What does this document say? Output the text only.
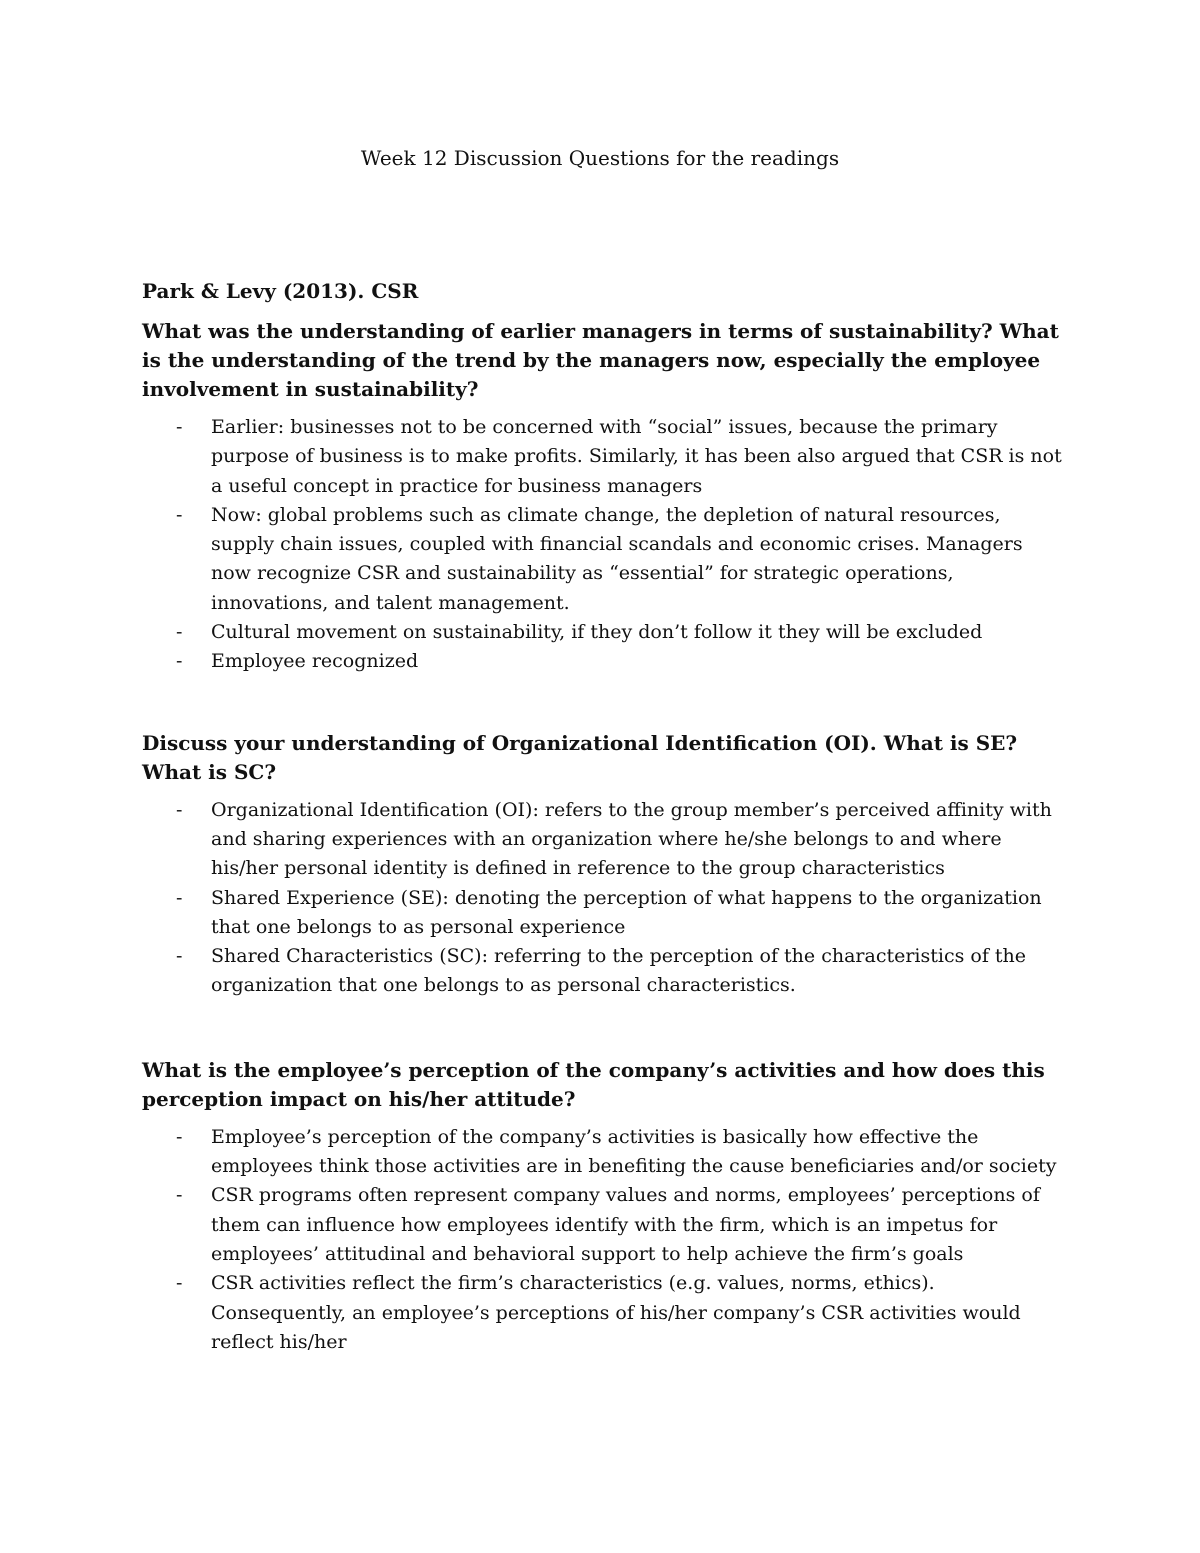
Week 12 Discussion Questions for the readings

Park & Levy (2013). CSR

What was the understanding of earlier managers in terms of sustainability? What is the understanding of the trend by the managers now, especially the employee involvement in sustainability?

- Earlier: businesses not to be concerned with “social” issues, because the primary purpose of business is to make profits. Similarly, it has been also argued that CSR is not a useful concept in practice for business managers
- Now: global problems such as climate change, the depletion of natural resources, supply chain issues, coupled with financial scandals and economic crises. Managers now recognize CSR and sustainability as “essential” for strategic operations, innovations, and talent management.
- Cultural movement on sustainability, if they don’t follow it they will be excluded
- Employee recognized

Discuss your understanding of Organizational Identification (OI). What is SE? What is SC?

- Organizational Identification (OI): refers to the group member’s perceived affinity with and sharing experiences with an organization where he/she belongs to and where his/her personal identity is defined in reference to the group characteristics
- Shared Experience (SE): denoting the perception of what happens to the organization that one belongs to as personal experience
- Shared Characteristics (SC): referring to the perception of the characteristics of the organization that one belongs to as personal characteristics.

What is the employee’s perception of the company’s activities and how does this perception impact on his/her attitude?

- Employee’s perception of the company’s activities is basically how effective the employees think those activities are in benefiting the cause beneficiaries and/or society
- CSR programs often represent company values and norms, employees’ perceptions of them can influence how employees identify with the firm, which is an impetus for employees’ attitudinal and behavioral support to help achieve the firm’s goals
- CSR activities reflect the firm’s characteristics (e.g. values, norms, ethics). Consequently, an employee’s perceptions of his/her company’s CSR activities would reflect his/her
